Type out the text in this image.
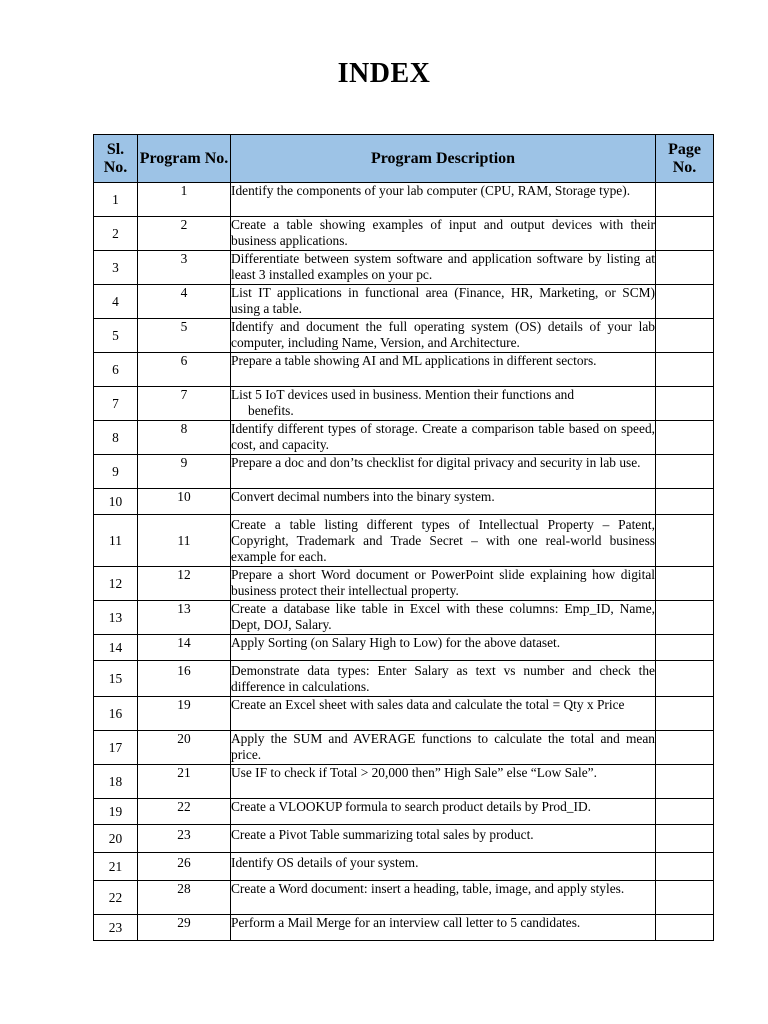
INDEX
Sl. No.	Program No.	Program Description	Page No.
1	1	Identify the components of your lab computer (CPU, RAM, Storage type).	
2	2	Create a table showing examples of input and output devices with their business applications.	
3	3	Differentiate between system software and application software by listing at least 3 installed examples on your pc.	
4	4	List IT applications in functional area (Finance, HR, Marketing, or SCM) using a table.	
5	5	Identify and document the full operating system (OS) details of your lab computer, including Name, Version, and Architecture.	
6	6	Prepare a table showing AI and ML applications in different sectors.	
7	7	List 5 IoT devices used in business. Mention their functions and
benefits.	

8	8	Identify different types of storage. Create a comparison table based on speed, cost, and capacity.	
9	9	Prepare a doc and don’ts checklist for digital privacy and security in lab use.	
10	10	Convert decimal numbers into the binary system.	
11	11	Create a table listing different types of Intellectual Property – Patent, Copyright, Trademark and Trade Secret – with one real-world business example for each.	
12	12	Prepare a short Word document or PowerPoint slide explaining how digital business protect their intellectual property.	
13	13	Create a database like table in Excel with these columns: Emp_ID, Name, Dept, DOJ, Salary.	
14	14	Apply Sorting (on Salary High to Low) for the above dataset.	
15	16	Demonstrate data types: Enter Salary as text vs number and check the difference in calculations.	
16	19	Create an Excel sheet with sales data and calculate the total = Qty x Price	
17	20	Apply the SUM and AVERAGE functions to calculate the total and mean price.	
18	21	Use IF to check if Total > 20,000 then” High Sale” else “Low Sale”.	
19	22	Create a VLOOKUP formula to search product details by Prod_ID.	
20	23	Create a Pivot Table summarizing total sales by product.	
21	26	Identify OS details of your system.	
22	28	Create a Word document: insert a heading, table, image, and apply styles.	
23	29	Perform a Mail Merge for an interview call letter to 5 candidates.	
